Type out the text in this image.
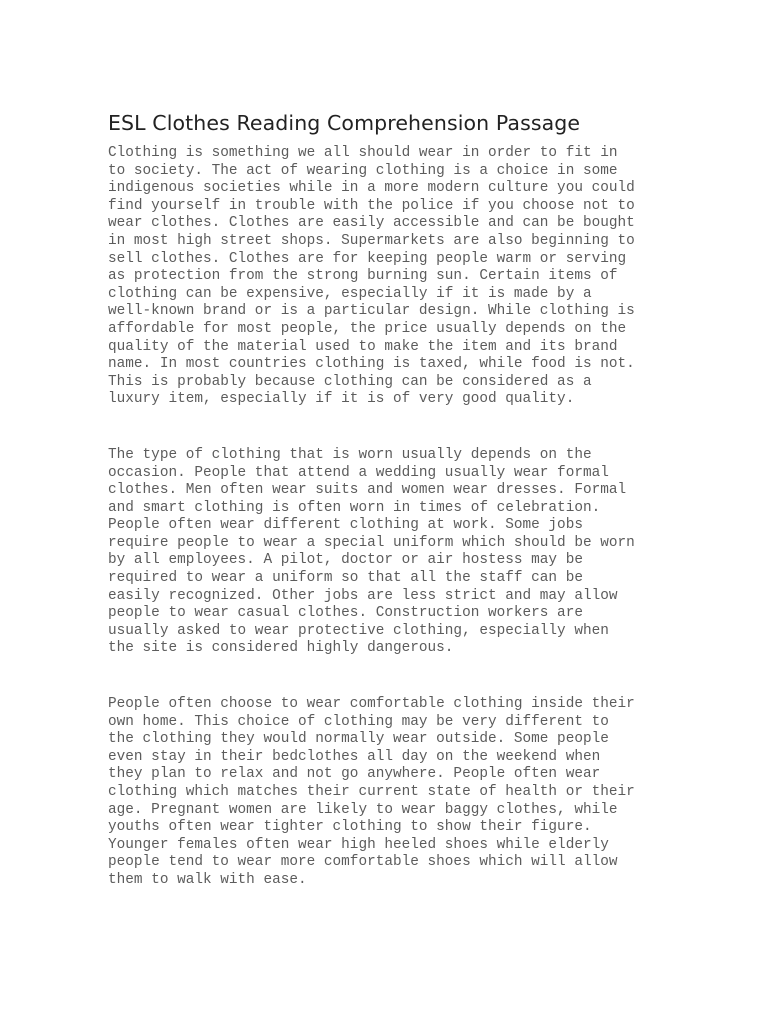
ESL Clothes Reading Comprehension Passage

Clothing is something we all should wear in order to fit in
to society. The act of wearing clothing is a choice in some
indigenous societies while in a more modern culture you could
find yourself in trouble with the police if you choose not to
wear clothes. Clothes are easily accessible and can be bought
in most high street shops. Supermarkets are also beginning to
sell clothes. Clothes are for keeping people warm or serving
as protection from the strong burning sun. Certain items of
clothing can be expensive, especially if it is made by a
well-known brand or is a particular design. While clothing is
affordable for most people, the price usually depends on the
quality of the material used to make the item and its brand
name. In most countries clothing is taxed, while food is not.
This is probably because clothing can be considered as a
luxury item, especially if it is of very good quality.

The type of clothing that is worn usually depends on the
occasion. People that attend a wedding usually wear formal
clothes. Men often wear suits and women wear dresses. Formal
and smart clothing is often worn in times of celebration.
People often wear different clothing at work. Some jobs
require people to wear a special uniform which should be worn
by all employees. A pilot, doctor or air hostess may be
required to wear a uniform so that all the staff can be
easily recognized. Other jobs are less strict and may allow
people to wear casual clothes. Construction workers are
usually asked to wear protective clothing, especially when
the site is considered highly dangerous.

People often choose to wear comfortable clothing inside their
own home. This choice of clothing may be very different to
the clothing they would normally wear outside. Some people
even stay in their bedclothes all day on the weekend when
they plan to relax and not go anywhere. People often wear
clothing which matches their current state of health or their
age. Pregnant women are likely to wear baggy clothes, while
youths often wear tighter clothing to show their figure.
Younger females often wear high heeled shoes while elderly
people tend to wear more comfortable shoes which will allow
them to walk with ease.
